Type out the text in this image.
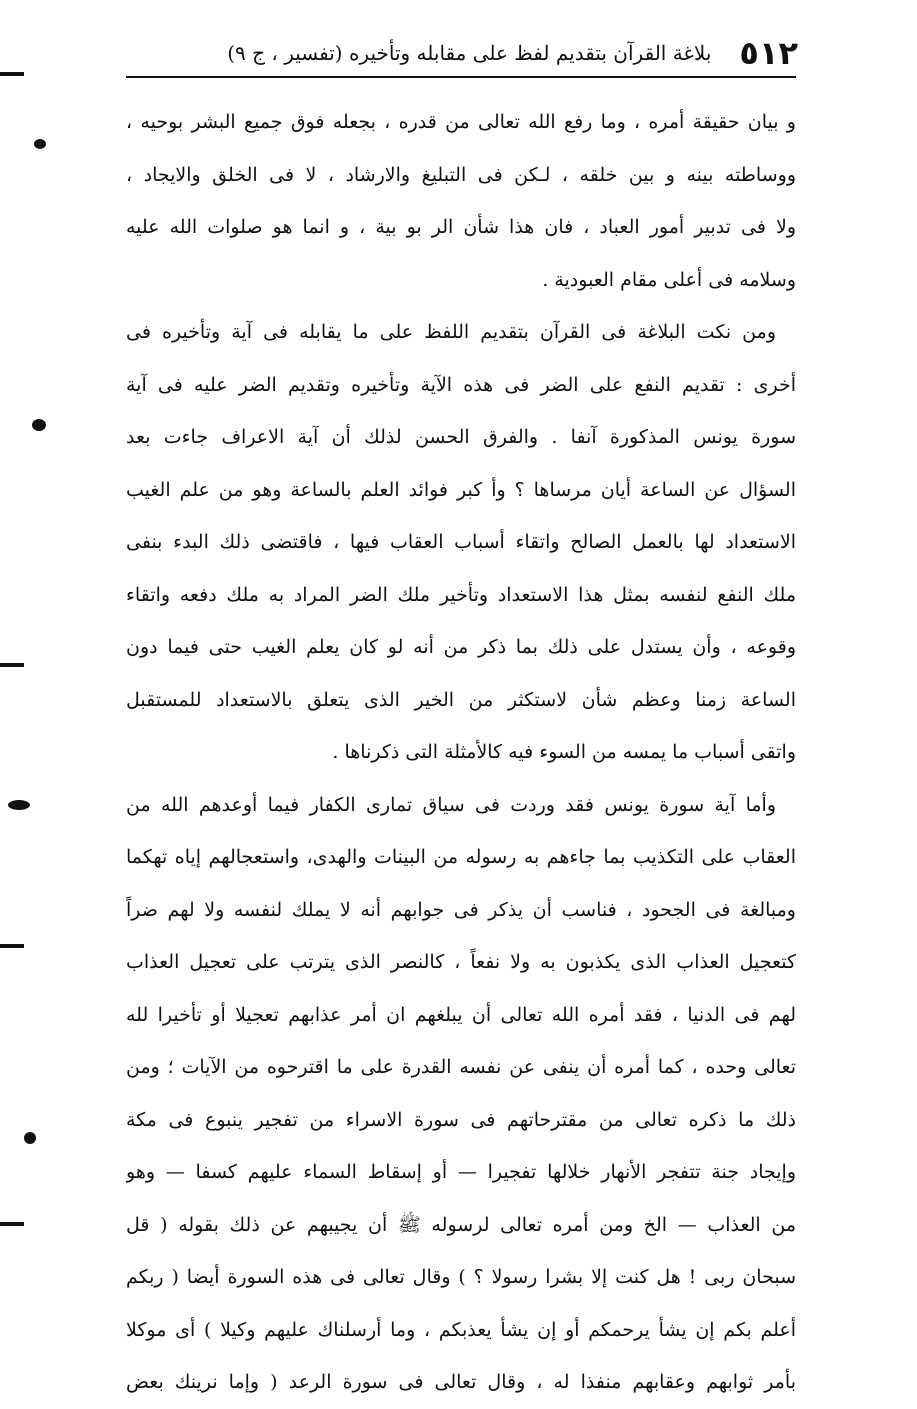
٥١٢
بلاغة القرآن بتقديم لفظ على مقابله وتأخيره (تفسير ، ج ٩)
و بيان حقيقة أمره ، وما رفع الله تعالى من قدره ، بجعله فوق جميع البشر بوحيه ،
ووساطته بينه و بين خلقه ، لـكن فى التبليغ والارشاد ، لا فى الخلق والايجاد ،
ولا فى تدبير أمور العباد ، فان هذا شأن الر بو بية ، و انما هو صلوات الله عليه
وسلامه فى أعلى مقام العبودية .
ومن نكت البلاغة فى القرآن بتقديم اللفظ على ما يقابله فى آية وتأخيره فى
أخرى : تقديم النفع على الضر فى هذه الآية وتأخيره وتقديم الضر عليه فى آية
سورة يونس المذكورة آنفا . والفرق الحسن لذلك أن آية الاعراف جاءت بعد
السؤال عن الساعة أيان مرساها ؟ وأ كبر فوائد العلم بالساعة وهو من علم الغيب
الاستعداد لها بالعمل الصالح واتقاء أسباب العقاب فيها ، فاقتضى ذلك البدء بنفى
ملك النفع لنفسه بمثل هذا الاستعداد وتأخير ملك الضر المراد به ملك دفعه واتقاء
وقوعه ، وأن يستدل على ذلك بما ذكر من أنه لو كان يعلم الغيب حتى فيما دون
الساعة زمنا وعظم شأن لاستكثر من الخير الذى يتعلق بالاستعداد للمستقبل
واتقى أسباب ما يمسه من السوء فيه كالأمثلة التى ذكرناها .
وأما آية سورة يونس فقد وردت فى سياق تمارى الكفار فيما أوعدهم الله من
العقاب على التكذيب بما جاءهم به رسوله من البينات والهدى، واستعجالهم إياه تهكما
ومبالغة فى الجحود ، فناسب أن يذكر فى جوابهم أنه لا يملك لنفسه ولا لهم ضراً
كتعجيل العذاب الذى يكذبون به ولا نفعاً ، كالنصر الذى يترتب على تعجيل العذاب
لهم فى الدنيا ، فقد أمره الله تعالى أن يبلغهم ان أمر عذابهم تعجيلا أو تأخيرا لله
تعالى وحده ، كما أمره أن ينفى عن نفسه القدرة على ما اقترحوه من الآيات ؛ ومن
ذلك ما ذكره تعالى من مقترحاتهم فى سورة الاسراء من تفجير ينبوع فى مكة
وإيجاد جنة تتفجر الأنهار خلالها تفجيرا — أو إسقاط السماء عليهم كسفا — وهو
من العذاب — الخ ومن أمره تعالى لرسوله ﷺ أن يجيبهم عن ذلك بقوله ( قل
سبحان ربى ! هل كنت إلا بشرا رسولا ؟ ) وقال تعالى فى هذه السورة أيضا ( ربكم
أعلم بكم إن يشأ يرحمكم أو إن يشأ يعذبكم ، وما أرسلناك عليهم وكيلا ) أى موكلا
بأمر ثوابهم وعقابهم منفذا له ، وقال تعالى فى سورة الرعد ( وإما نرينك بعض
